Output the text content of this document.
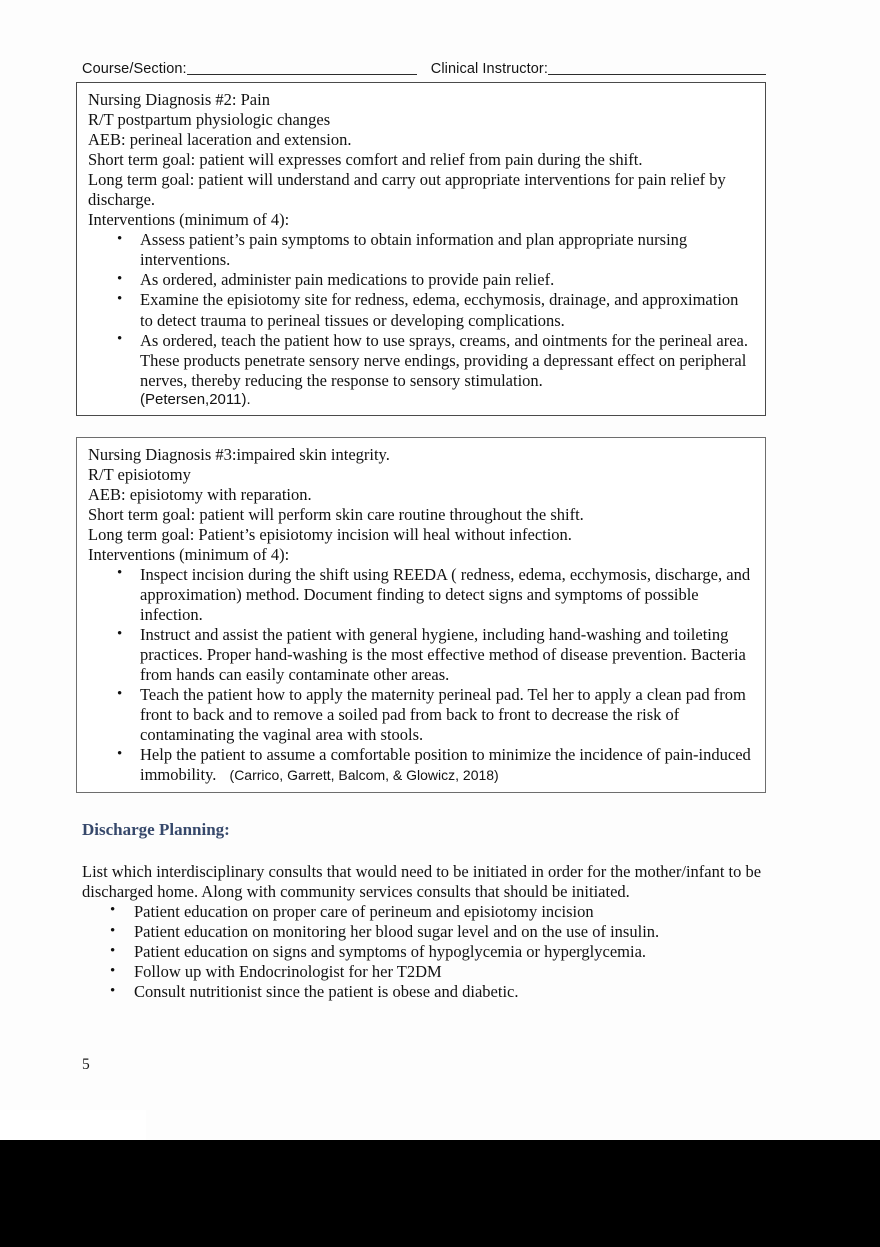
Course/Section:	Clinical Instructor:

Nursing Diagnosis #2: Pain

R/T postpartum physiologic changes

AEB: perineal laceration and extension.

Short term goal: patient will expresses comfort and relief from pain during the shift.

Long term goal: patient will understand and carry out appropriate interventions for pain relief by discharge.

Interventions (minimum of 4):

• Assess patient’s pain symptoms to obtain information and plan appropriate nursing interventions.
• As ordered, administer pain medications to provide pain relief.
• Examine the episiotomy site for redness, edema, ecchymosis, drainage, and approximation to detect trauma to perineal tissues or developing complications.
• As ordered, teach the patient how to use sprays, creams, and ointments for the perineal area. These products penetrate sensory nerve endings, providing a depressant effect on peripheral nerves, thereby reducing the response to sensory stimulation.
(Petersen,2011).

Nursing Diagnosis #3:impaired skin integrity.

R/T episiotomy

AEB: episiotomy with reparation.

Short term goal: patient will perform skin care routine throughout the shift.

Long term goal: Patient’s episiotomy incision will heal without infection.

Interventions (minimum of 4):

• Inspect incision during the shift using REEDA ( redness, edema, ecchymosis, discharge, and approximation) method. Document finding to detect signs and symptoms of possible infection.
• Instruct and assist the patient with general hygiene, including hand-washing and toileting practices. Proper hand-washing is the most effective method of disease prevention. Bacteria from hands can easily contaminate other areas.
• Teach the patient how to apply the maternity perineal pad. Tel her to apply a clean pad from front to back and to remove a soiled pad from back to front to decrease the risk of contaminating the vaginal area with stools.
• Help the patient to assume a comfortable position to minimize the incidence of pain-induced immobility. (Carrico, Garrett, Balcom, & Glowicz, 2018)
Discharge Planning:

List which interdisciplinary consults that would need to be initiated in order for the mother/infant to be discharged home. Along with community services consults that should be initiated.

• Patient education on proper care of perineum and episiotomy incision
• Patient education on monitoring her blood sugar level and on the use of insulin.
• Patient education on signs and symptoms of hypoglycemia or hyperglycemia.
• Follow up with Endocrinologist for her T2DM
• Consult nutritionist since the patient is obese and diabetic.
5
